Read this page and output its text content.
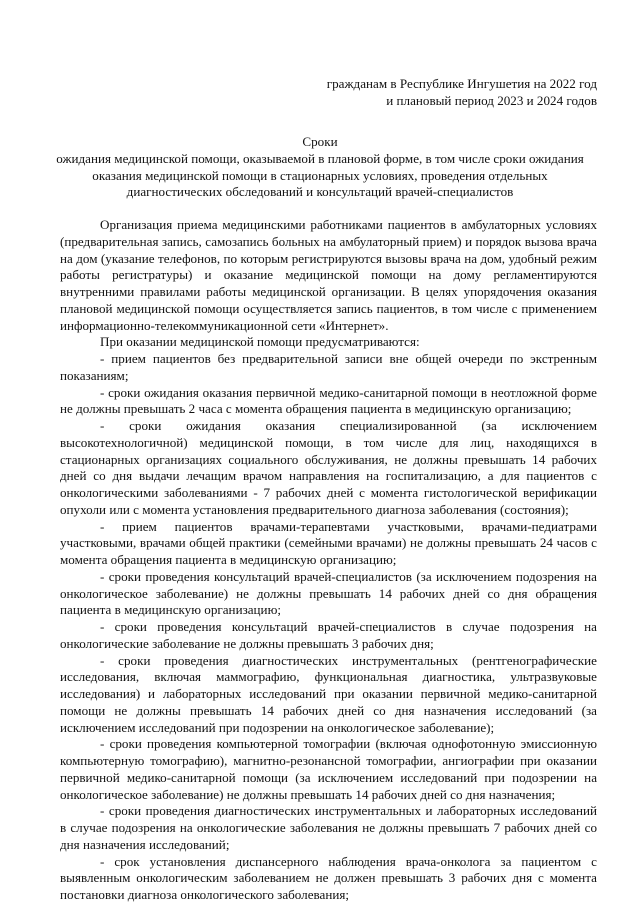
гражданам в Республике Ингушетия на 2022 год
и плановый период 2023 и 2024 годов
Сроки
ожидания медицинской помощи, оказываемой в плановой форме, в том числе сроки ожидания
оказания медицинской помощи в стационарных условиях, проведения отдельных
диагностических обследований и консультаций врачей-специалистов

Организация приема медицинскими работниками пациентов в амбулаторных условиях (предварительная запись, самозапись больных на амбулаторный прием) и порядок вызова врача на дом (указание телефонов, по которым регистрируются вызовы врача на дом, удобный режим работы регистратуры) и оказание медицинской помощи на дому регламентируются внутренними правилами работы медицинской организации. В целях упорядочения оказания плановой медицинской помощи осуществляется запись пациентов, в том числе с применением информационно-телекоммуникационной сети «Интернет».

При оказании медицинской помощи предусматриваются:

- прием пациентов без предварительной записи вне общей очереди по экстренным показаниям;

- сроки ожидания оказания первичной медико-санитарной помощи в неотложной форме не должны превышать 2 часа с момента обращения пациента в медицинскую организацию;

- сроки ожидания оказания специализированной (за исключением высокотехнологичной) медицинской помощи, в том числе для лиц, находящихся в стационарных организациях социального обслуживания, не должны превышать 14 рабочих дней со дня выдачи лечащим врачом направления на госпитализацию, а для пациентов с онкологическими заболеваниями - 7 рабочих дней с момента гистологической верификации опухоли или с момента установления предварительного диагноза заболевания (состояния);

- прием пациентов врачами-терапевтами участковыми, врачами-педиатрами участковыми, врачами общей практики (семейными врачами) не должны превышать 24 часов с момента обращения пациента в медицинскую организацию;

- сроки проведения консультаций врачей-специалистов (за исключением подозрения на онкологическое заболевание) не должны превышать 14 рабочих дней со дня обращения пациента в медицинскую организацию;

- сроки проведения консультаций врачей-специалистов в случае подозрения на онкологические заболевание не должны превышать 3 рабочих дня;

- сроки проведения диагностических инструментальных (рентгенографические исследования, включая маммографию, функциональная диагностика, ультразвуковые исследования) и лабораторных исследований при оказании первичной медико-санитарной помощи не должны превышать 14 рабочих дней со дня назначения исследований (за исключением исследований при подозрении на онкологическое заболевание);

- сроки проведения компьютерной томографии (включая однофотонную эмиссионную компьютерную томографию), магнитно-резонансной томографии, ангиографии при оказании первичной медико-санитарной помощи (за исключением исследований при подозрении на онкологическое заболевание) не должны превышать 14 рабочих дней со дня назначения;

- сроки проведения диагностических инструментальных и лабораторных исследований в случае подозрения на онкологические заболевания не должны превышать 7 рабочих дней со дня назначения исследований;

- срок установления диспансерного наблюдения врача-онколога за пациентом с выявленным онкологическим заболеванием не должен превышать 3 рабочих дня с момента постановки диагноза онкологического заболевания;
